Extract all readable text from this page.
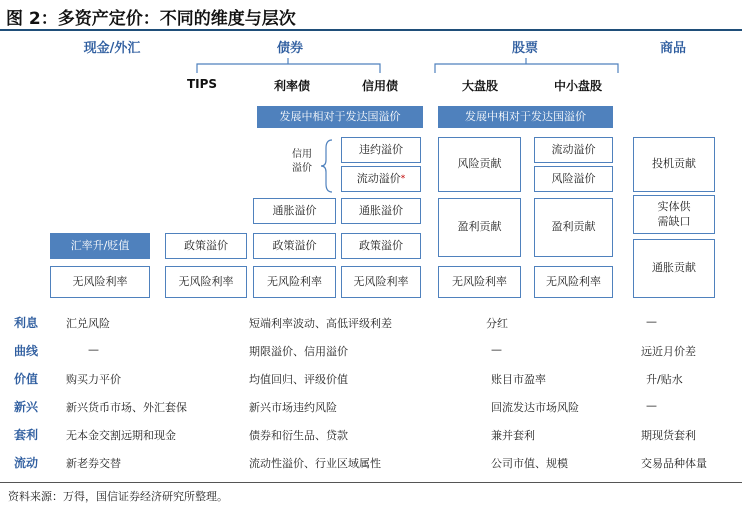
图 2：多资产定价：不同的维度与层次
现金/外汇	债券	股票	商品
TIPS	利率债	信用债	大盘股	中小盘股
发展中相对于发达国溢价	发展中相对于发达国溢价
信用
溢价
违约溢价
流动溢价 *
风险贡献
流动溢价
风险溢价
投机贡献
通胀溢价	通胀溢价
盈利贡献	盈利贡献
实体供
需缺口
汇率升/贬值	政策溢价	政策溢价	政策溢价
通胀贡献
无风险利率	无风险利率	无风险利率	无风险利率	无风险利率	无风险利率
利息	汇兑风险	短端利率波动、高低评级利差	分红	—
曲线	—	期限溢价、信用溢价	—	远近月价差
价值	购买力平价	均值回归、评级价值	账目市盈率	升/贴水
新兴	新兴货币市场、外汇套保	新兴市场违约风险	回流发达市场风险	—
套利	无本金交割远期和现金	债券和衍生品、贷款	兼并套利	期现货套利
流动	新老券交替	流动性溢价、行业区域属性	公司市值、规模	交易品种体量
资料来源：万得，国信证券经济研究所整理。
